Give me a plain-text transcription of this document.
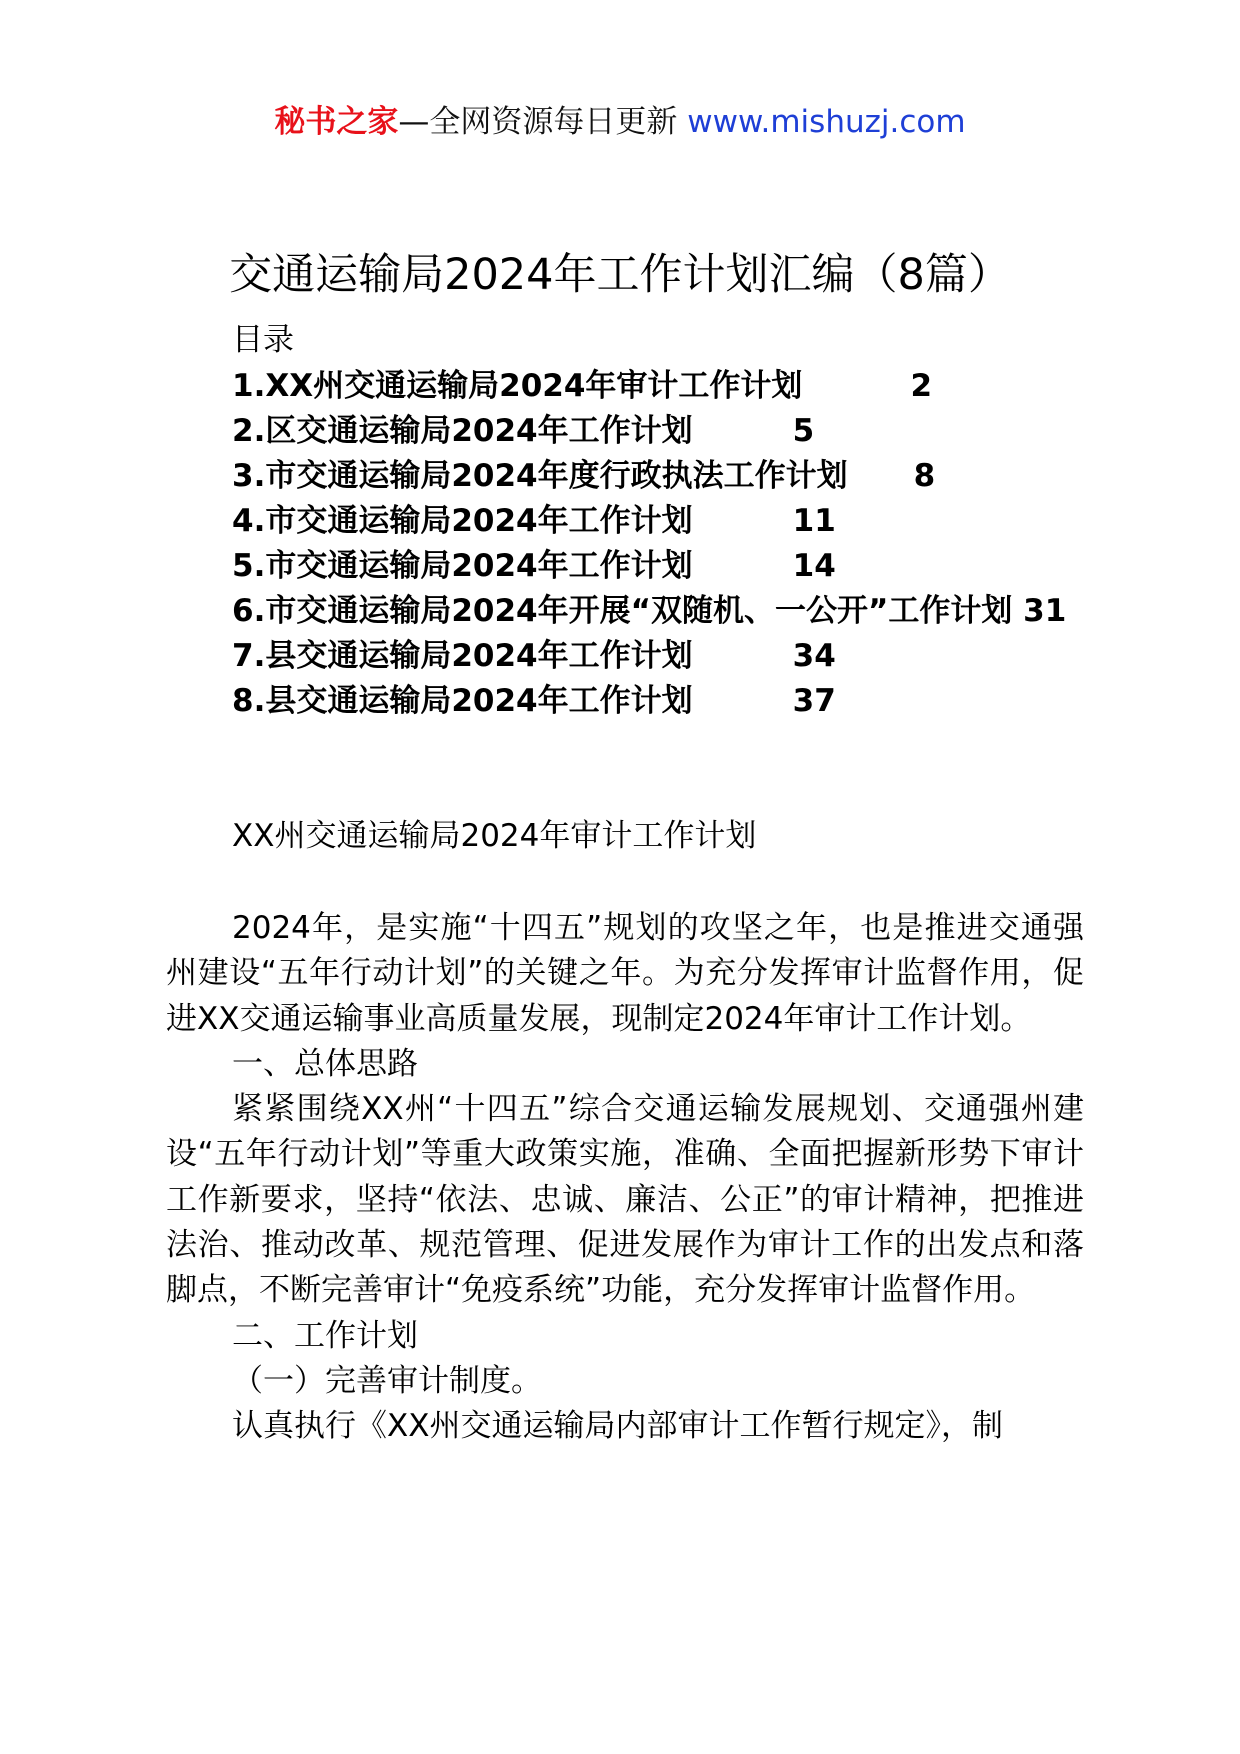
秘书之家—全网资源每日更新 www.mishuzj.com
交通运输局2024年工作计划汇编（8篇）
目录
1.XX州交通运输局2024年审计工作计划	2
2.区交通运输局2024年工作计划	5
3.市交通运输局2024年度行政执法工作计划 8
4.市交通运输局2024年工作计划	11
5.市交通运输局2024年工作计划	14
6.市交通运输局2024年开展“双随机、一公开”工作计划 31
7.县交通运输局2024年工作计划	34
8.县交通运输局2024年工作计划	37
XX州交通运输局2024年审计工作计划

2024年，是实施“十四五”规划的攻坚之年，也是推进交通强州建设“五年行动计划”的关键之年。为充分发挥审计监督作用，促进XX交通运输事业高质量发展，现制定2024年审计工作计划。

一、总体思路

紧紧围绕XX州“十四五”综合交通运输发展规划、交通强州建设“五年行动计划”等重大政策实施，准确、全面把握新形势下审计工作新要求，坚持“依法、忠诚、廉洁、公正”的审计精神，把推进法治、推动改革、规范管理、促进发展作为审计工作的出发点和落脚点，不断完善审计“免疫系统”功能，充分发挥审计监督作用。

二、工作计划

（一）完善审计制度。

认真执行《XX州交通运输局内部审计工作暂行规定》，制
